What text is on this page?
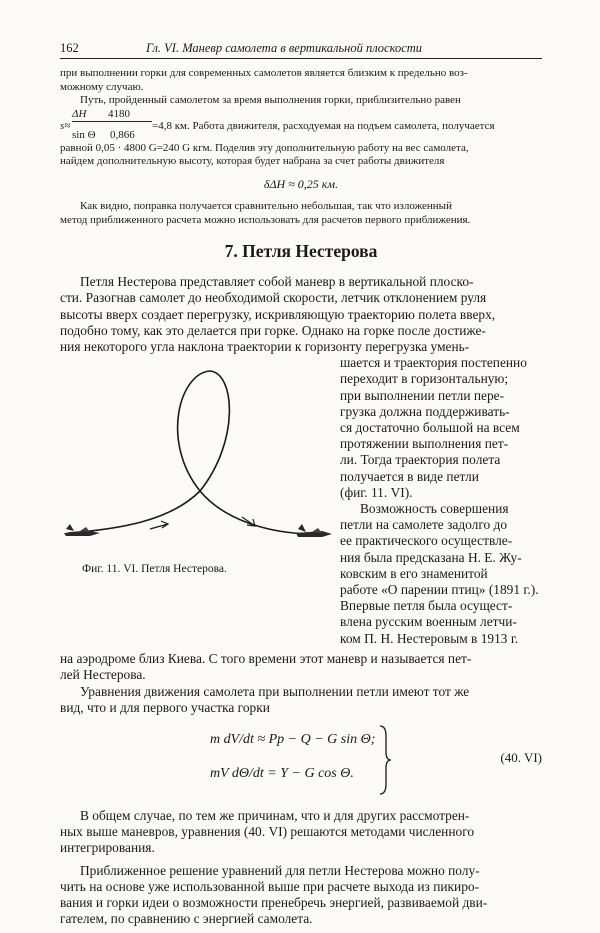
162	Гл. VI. Маневр самолета в вертикальной плоскости

при выполнении горки для современных самолетов является близким к предельно воз-

можному случаю.

Путь, пройденный самолетом за время выполнения горки, приблизительно равен

ΔH 4180
s≈
sin Θ 0,866
=4,8 км. Работа движителя, расходуемая на подъем самолета, получается

равной 0,05 · 4800 G=240 G кгм. Поделив эту дополнительную работу на вес самолета,

найдем дополнительную высоту, которая будет набрана за счет работы движителя

δΔH ≈ 0,25 км.

Как видно, поправка получается сравнительно небольшая, так что изложенный

метод приближенного расчета можно использовать для расчетов первого приближения.

7. Петля Нестерова

Петля Нестерова представляет собой маневр в вертикальной плоско-

сти. Разогнав самолет до необходимой скорости, летчик отклонением руля

высоты вверх создает перегрузку, искривляющую траекторию полета вверх,

подобно тому, как это делается при горке. Однако на горке после достиже-

ния некоторого угла наклона траектории к горизонту перегрузка умень-

Фиг. 11. VI. Петля Нестерова.

шается и траектория постепенно

переходит в горизонтальную;

при выполнении петли пере-

грузка должна поддерживать-

ся достаточно большой на всем

протяжении выполнения пет-

ли. Тогда траектория полета

получается в виде петли

(фиг. 11. VI).

Возможность совершения

петли на самолете задолго до

ее практического осуществле-

ния была предсказана Н. Е. Жу-

ковским в его знаменитой

работе «О парении птиц» (1891 г.).

Впервые петля была осущест-

влена русским военным летчи-

ком П. Н. Нестеровым в 1913 г.

на аэродроме близ Киева. С того времени этот маневр и называется пет-

лей Нестерова.

Уравнения движения самолета при выполнении петли имеют тот же

вид, что и для первого участка горки

m dV/dt ≈ Pp − Q − G sin Θ;
mV dΘ/dt = Y − G cos Θ.
(40. VI)

В общем случае, по тем же причинам, что и для других рассмотрен-

ных выше маневров, уравнения (40. VI) решаются методами численного

интегрирования.

Приближенное решение уравнений для петли Нестерова можно полу-

чить на основе уже использованной выше при расчете выхода из пикиро-

вания и горки идеи о возможности пренебречь энергией, развиваемой дви-

гателем, по сравнению с энергией самолета.
